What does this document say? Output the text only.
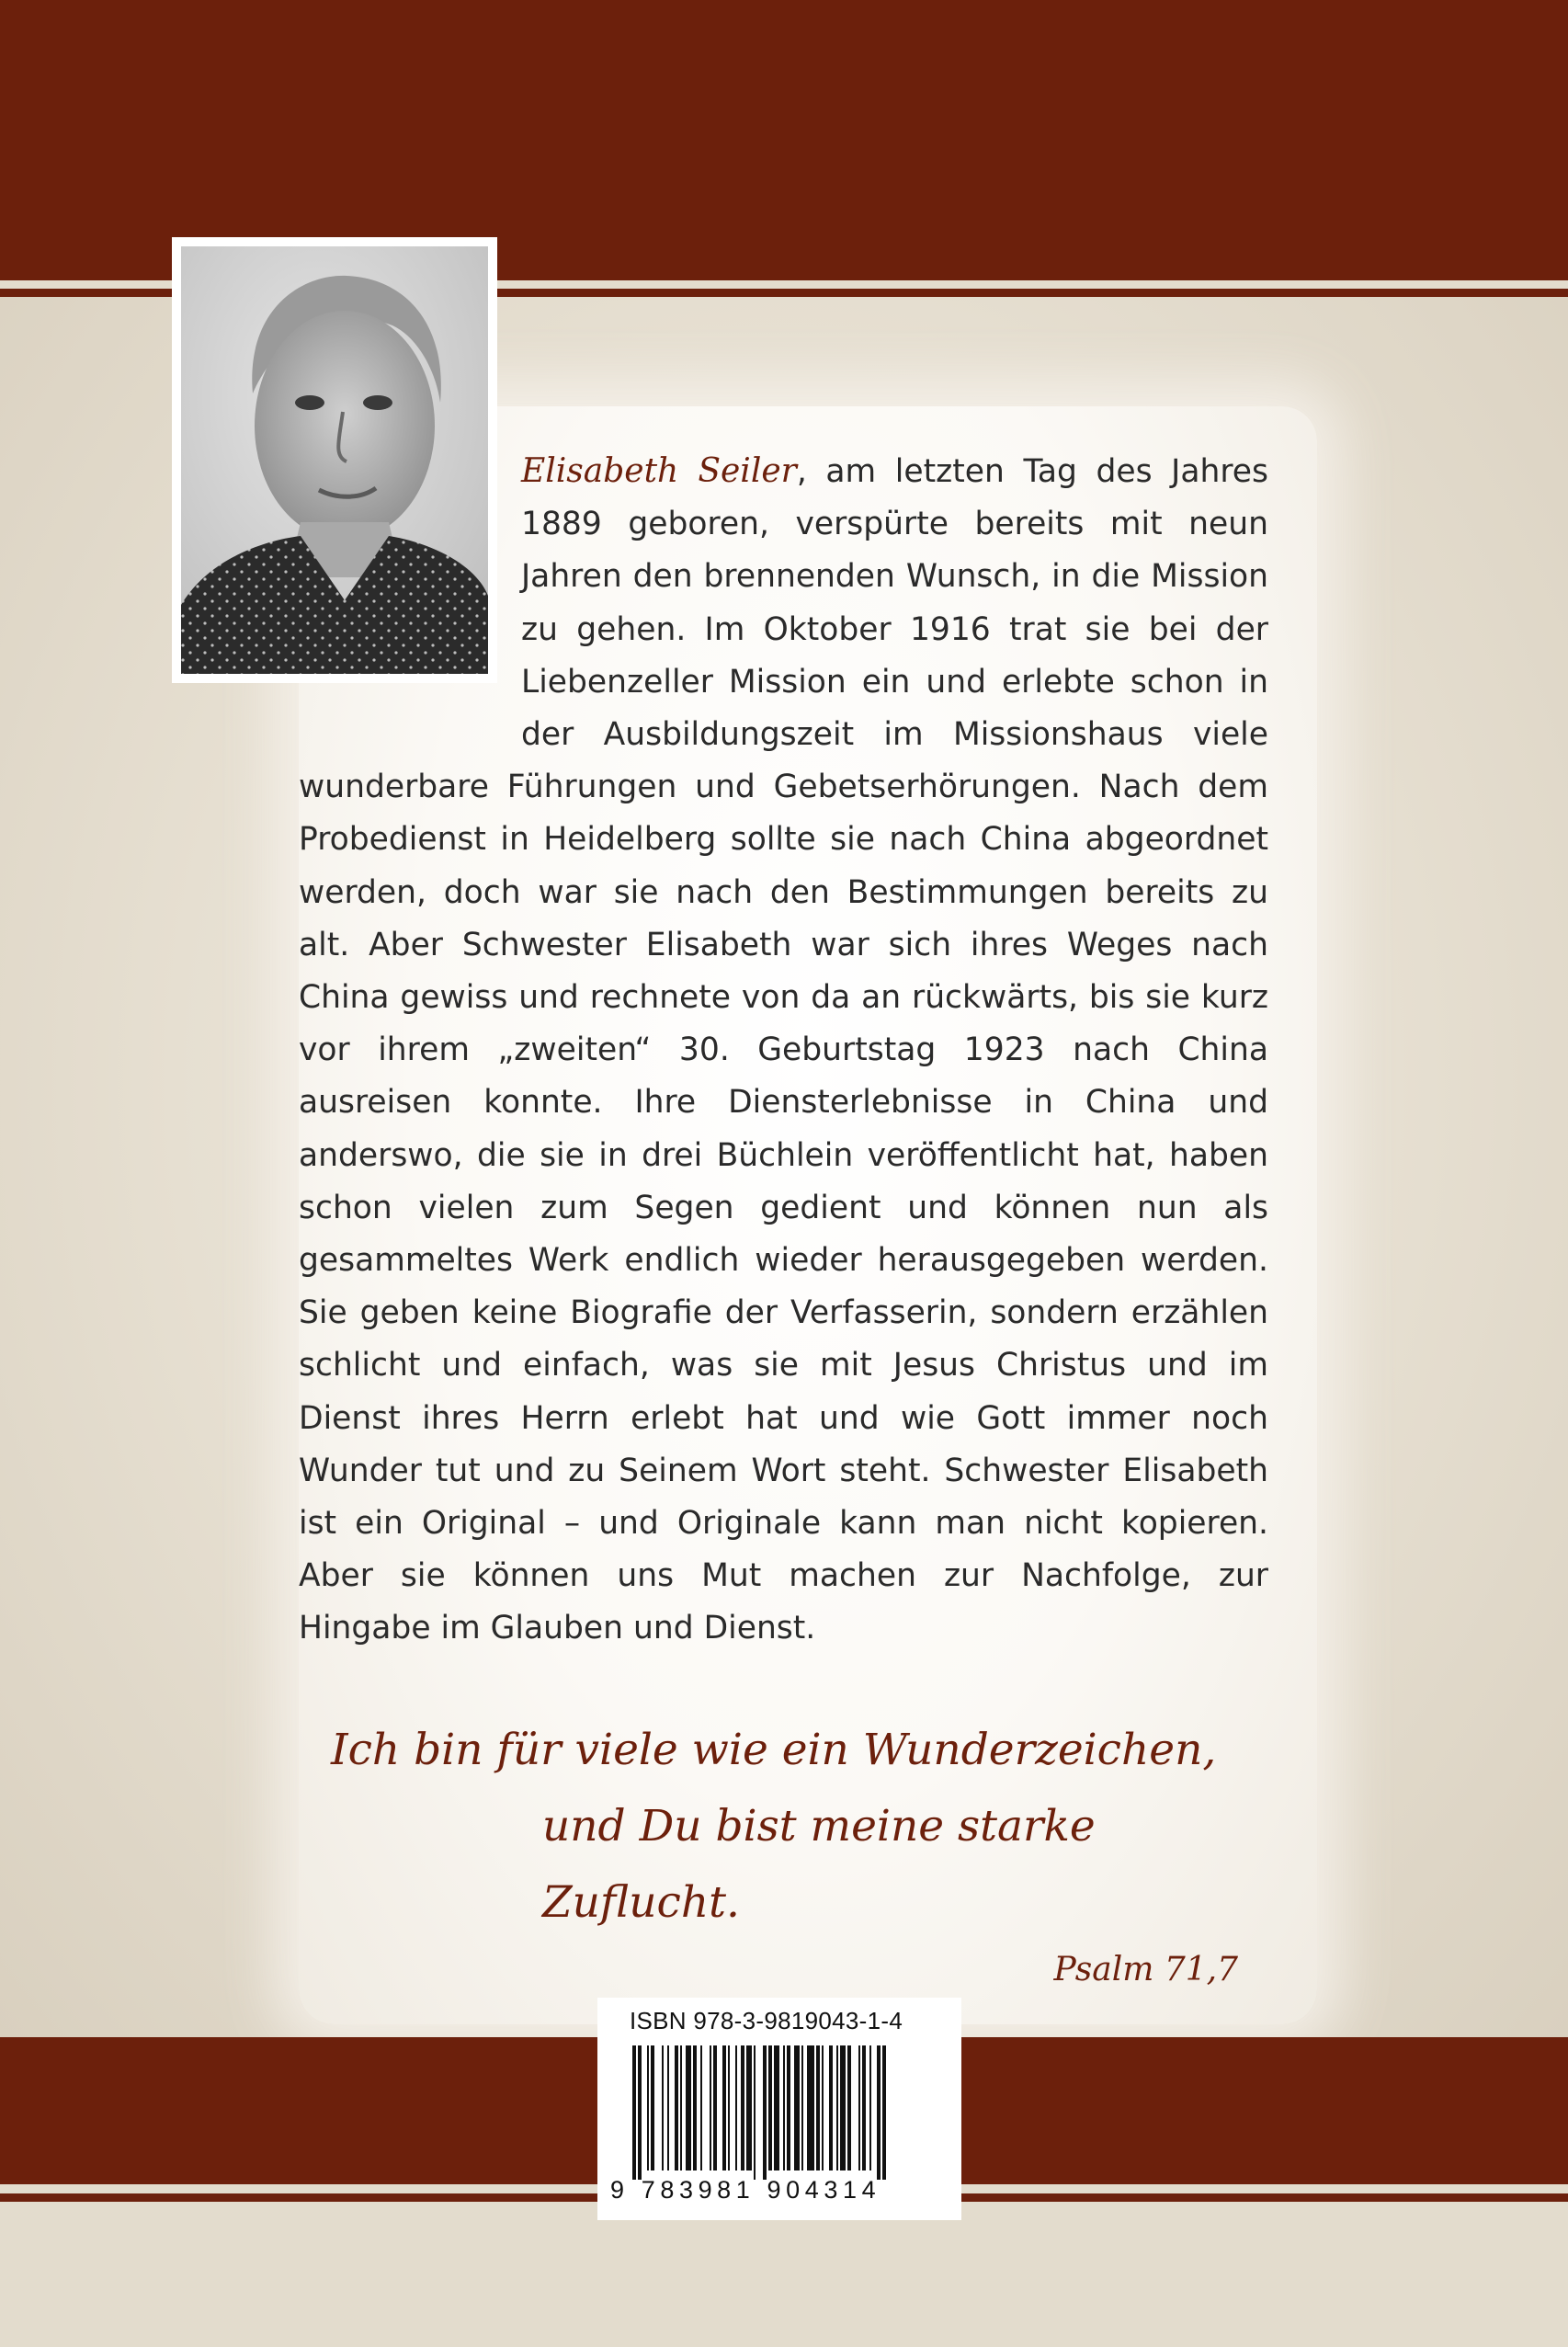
Elisabeth Seiler, am letzten Tag des Jahres 1889 geboren, verspürte bereits mit neun Jahren den brennenden Wunsch, in die Mission zu gehen. Im Oktober 1916 trat sie bei der Liebenzeller Mission ein und erlebte schon in der Ausbildungszeit im Missionshaus viele wunderbare Führungen und Gebetserhörungen. Nach dem Probedienst in Heidelberg sollte sie nach China abgeordnet werden, doch war sie nach den Bestimmungen bereits zu alt. Aber Schwester Elisabeth war sich ihres Weges nach China gewiss und rechnete von da an rückwärts, bis sie kurz vor ihrem „zweiten“ 30. Geburtstag 1923 nach China ausreisen konnte. Ihre Diensterlebnisse in China und anderswo, die sie in drei Büchlein veröffentlicht hat, haben schon vielen zum Segen gedient und können nun als gesammeltes Werk endlich wieder herausgegeben werden. Sie geben keine Biografie der Verfasserin, sondern erzählen schlicht und einfach, was sie mit Jesus Christus und im Dienst ihres Herrn erlebt hat und wie Gott immer noch Wunder tut und zu Seinem Wort steht. Schwester Elisabeth ist ein Original – und Originale kann man nicht kopieren. Aber sie können uns Mut machen zur Nachfolge, zur Hingabe im Glauben und Dienst.
Ich bin für viele wie ein Wunderzeichen,
und Du bist meine starke Zuflucht.
Psalm 71,7
ISBN 978-3-9819043-1-4
9 783981 904314
